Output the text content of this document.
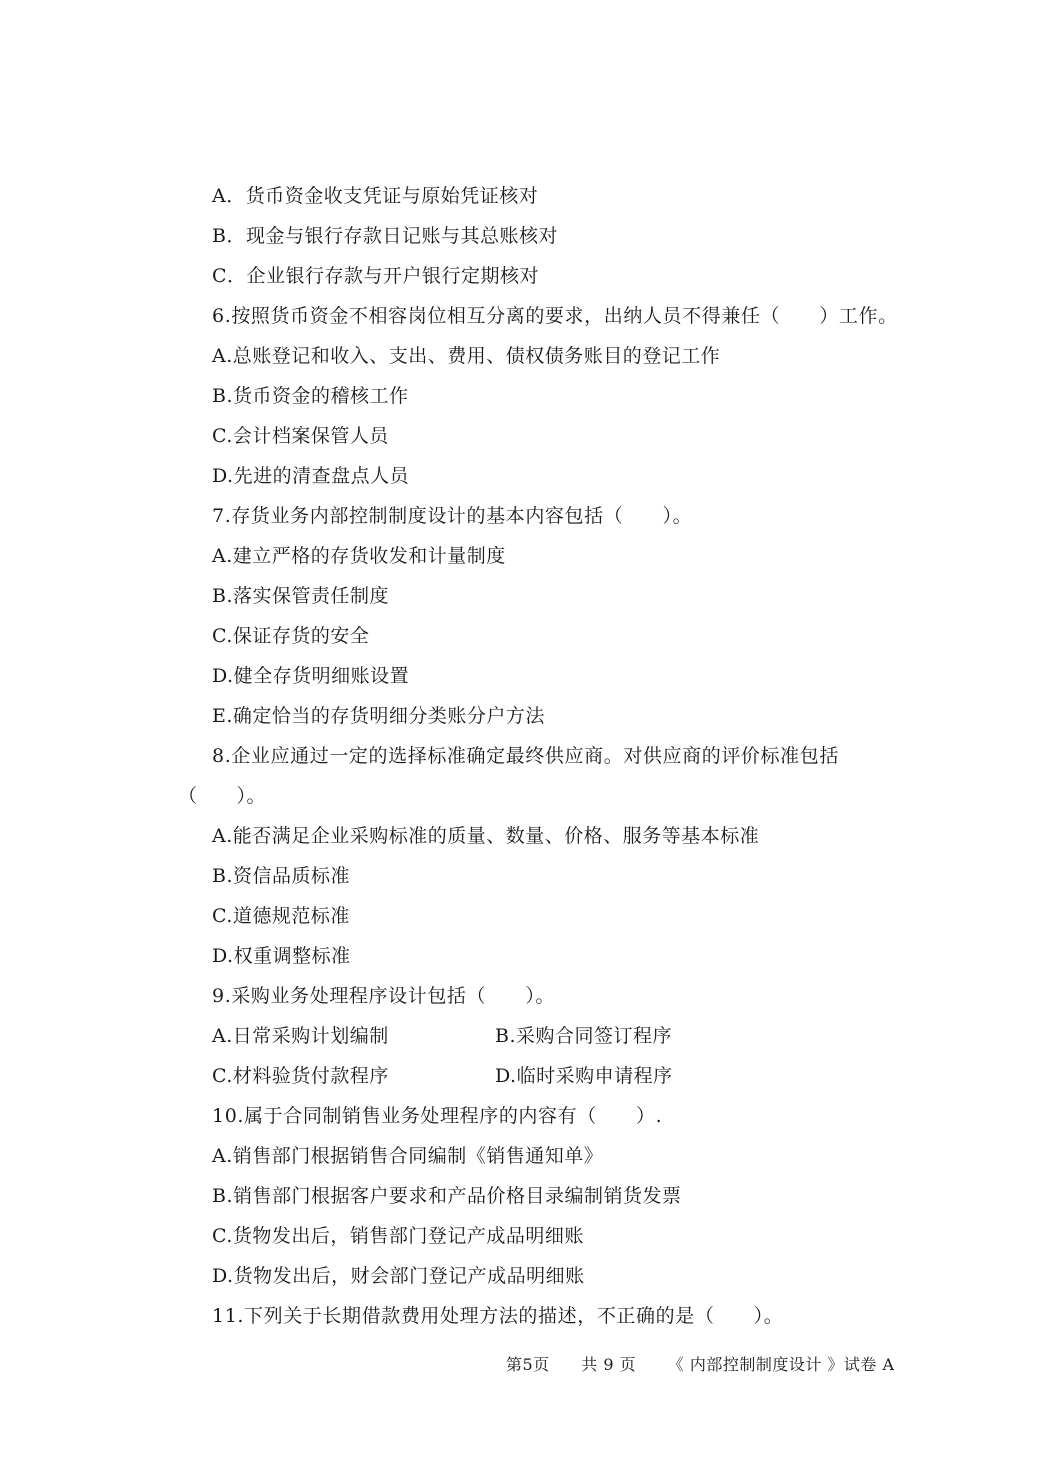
A．货币资金收支凭证与原始凭证核对
B．现金与银行存款日记账与其总账核对
C．企业银行存款与开户银行定期核对
6.按照货币资金不相容岗位相互分离的要求，出纳人员不得兼任（　　）工作。
A.总账登记和收入、支出、费用、债权债务账目的登记工作
B.货币资金的稽核工作
C.会计档案保管人员
D.先进的清查盘点人员
7.存货业务内部控制制度设计的基本内容包括（　　）。
A.建立严格的存货收发和计量制度
B.落实保管责任制度
C.保证存货的安全
D.健全存货明细账设置
E.确定恰当的存货明细分类账分户方法
8.企业应通过一定的选择标准确定最终供应商。对供应商的评价标准包括
（　　）。
A.能否满足企业采购标准的质量、数量、价格、服务等基本标准
B.资信品质标准
C.道德规范标准
D.权重调整标准
9.采购业务处理程序设计包括（　　）。
A.日常采购计划编制	B.采购合同签订程序
C.材料验货付款程序	D.临时采购申请程序
10.属于合同制销售业务处理程序的内容有（　　）.
A.销售部门根据销售合同编制《销售通知单》
B.销售部门根据客户要求和产品价格目录编制销货发票
C.货物发出后，销售部门登记产成品明细账
D.货物发出后，财会部门登记产成品明细账
11.下列关于长期借款费用处理方法的描述，不正确的是（　　）。
第5页 共 9 页 《 内部控制制度设计 》试卷 A
